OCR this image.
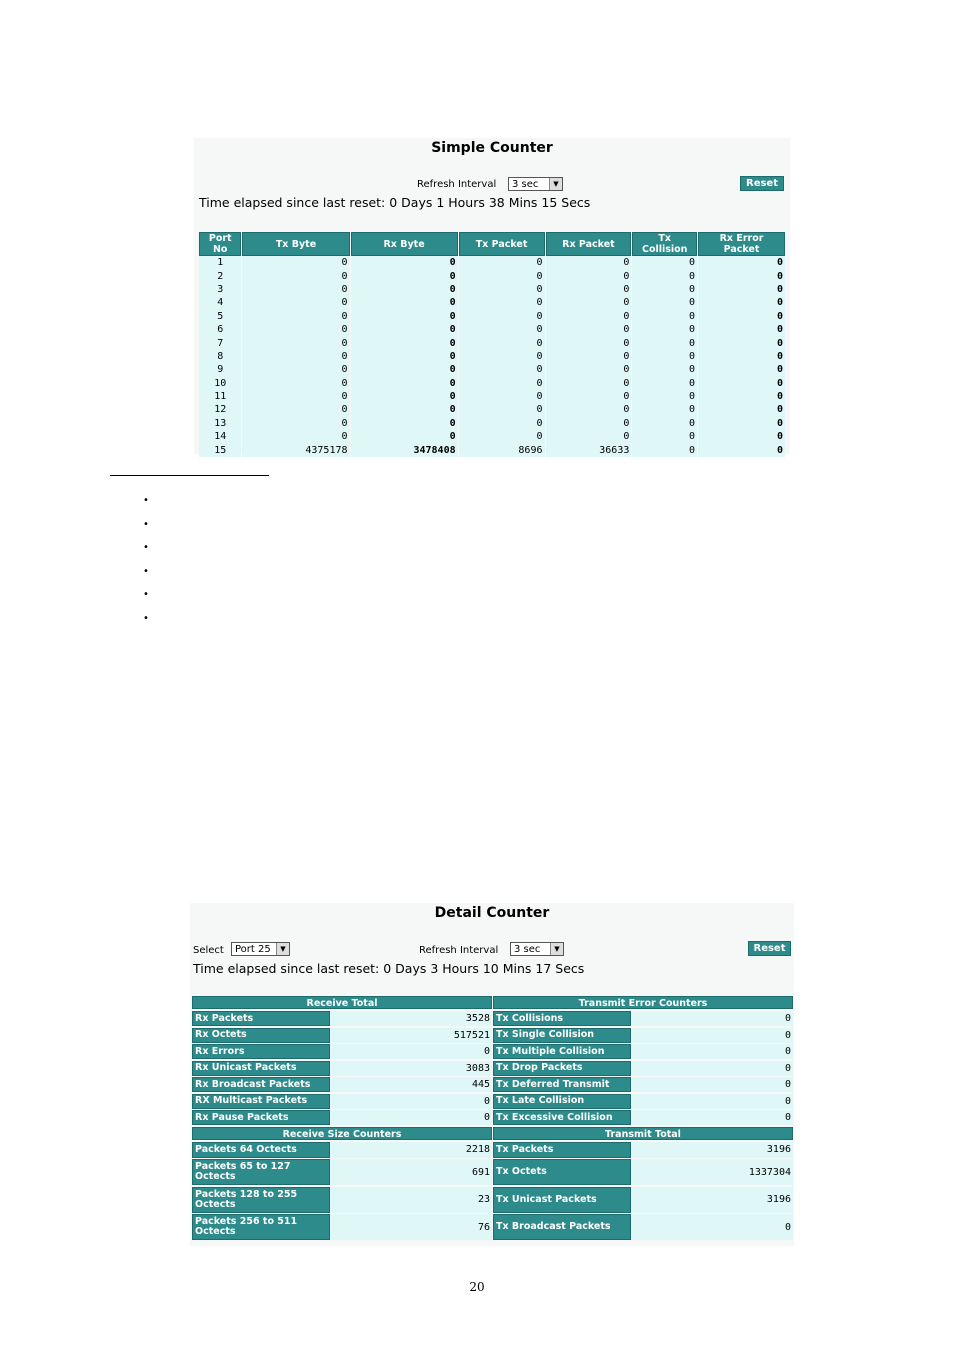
Simple Counter
Refresh Interval	3 sec	▼	Reset
Time elapsed since last reset: 0 Days 1 Hours 38 Mins 15 Secs
Port No	Tx Byte	Rx Byte	Tx Packet	Rx Packet	Tx Collision	Rx Error Packet
1	0	0	0	0	0	0
2	0	0	0	0	0	0
3	0	0	0	0	0	0
4	0	0	0	0	0	0
5	0	0	0	0	0	0
6	0	0	0	0	0	0
7	0	0	0	0	0	0
8	0	0	0	0	0	0
9	0	0	0	0	0	0
10	0	0	0	0	0	0
11	0	0	0	0	0	0
12	0	0	0	0	0	0
13	0	0	0	0	0	0
14	0	0	0	0	0	0
15	4375178	3478408	8696	36633	0	0
•
•
•
•
•
•
Detail Counter
Select	Port 25	▼	Refresh Interval	3 sec	▼	Reset
Time elapsed since last reset: 0 Days 3 Hours 10 Mins 17 Secs
Receive Total	Transmit Error Counters
Rx Packets	3528 Tx Collisions	0
Rx Octets	517521 Tx Single Collision	0
Rx Errors	0 Tx Multiple Collision	0
Rx Unicast Packets	3083 Tx Drop Packets	0
Rx Broadcast Packets	445 Tx Deferred Transmit	0
RX Multicast Packets	0 Tx Late Collision	0
Rx Pause Packets	0 Tx Excessive Collision	0
Receive Size Counters	Transmit Total
Packets 64 Octects	2218 Tx Packets	3196
Packets 65 to 127 Octects	691 Tx Octets	1337304
Packets 128 to 255 Octects	23 Tx Unicast Packets	3196
Packets 256 to 511 Octects	76 Tx Broadcast Packets	0
20
